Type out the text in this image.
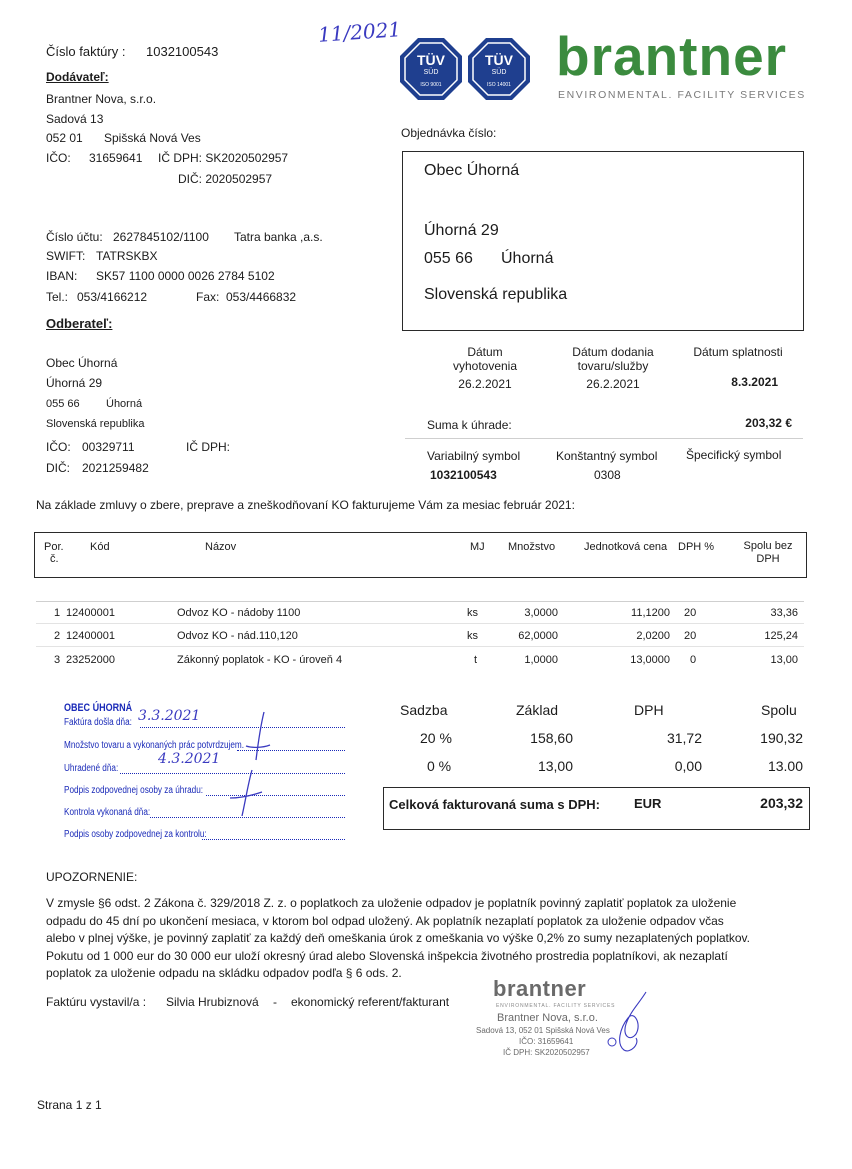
Číslo faktúry : 1032100543
11/2021
TÜV
SÜD
ISO 9001
TÜV
SÜD
ISO 14001 brantner
ENVIRONMENTAL. FACILITY SERVICES
Dodávateľ:
Brantner Nova, s.r.o.
Sadová 13
052 01 Spišská Nová Ves
IČO: 31659641 IČ DPH: SK2020502957
DIČ: 2020502957
Číslo účtu: 2627845102/1100 Tatra banka ,a.s.
SWIFT: TATRSKBX
IBAN: SK57 1100 0000 0026 2784 5102
Tel.: 053/4166212	Fax: 053/4466832
Objednávka číslo:
Obec Úhorná
Úhorná 29
055 66 Úhorná
Slovenská republika
Odberateľ:
Obec Úhorná
Úhorná 29
055 66 Úhorná
Slovenská republika
IČO: 00329711	IČ DPH:
DIČ: 2021259482
Dátum
vyhotovenia
26.2.2021
Dátum dodania
tovaru/služby
26.2.2021
Dátum splatnosti
8.3.2021
Suma k úhrade:	203,32 €
Variabilný symbol
1032100543
Konštantný symbol
0308
Špecifický symbol
Na základe zmluvy o zbere, preprave a zneškodňovaní KO fakturujeme Vám za mesiac február 2021:
Por.
č.
Kód	Názov	MJ Množstvo	Jednotková cena DPH %	Spolu bez
DPH
1 12400001	Odvoz KO - nádoby 1100	ks	3,0000	11,1200 20	33,36
2 12400001	Odvoz KO - nád.110,120	ks	62,0000	2,0200 20	125,24
3 23252000	Zákonný poplatok - KO - úroveň 4	t	1,0000	13,0000 0	13,00
OBEC ÚHORNÁ
Faktúra došla dňa: 3.3.2021
Množstvo tovaru a vykonaných prác potvrdzujem.
Uhradené dňa:
4.3.2021
Podpis zodpovednej osoby za úhradu:
Kontrola vykonaná dňa:
Podpis osoby zodpovednej za kontrolu:
Sadzba	Základ	DPH	Spolu
20 %	158,60	31,72	190,32
0 %	13,00	0,00	13.00
Celková fakturovaná suma s DPH:	EUR	203,32
UPOZORNENIE:
V zmysle §6 odst. 2 Zákona č. 329/2018 Z. z. o poplatkoch za uloženie odpadov je poplatník povinný zaplatiť poplatok za uloženie
odpadu do 45 dní po ukončení mesiaca, v ktorom bol odpad uložený. Ak poplatník nezaplatí poplatok za uloženie odpadov včas
alebo v plnej výške, je povinný zaplatiť za každý deň omeškania úrok z omeškania vo výške 0,2% zo sumy nezaplatených poplatkov.
Pokutu od 1 000 eur do 30 000 eur uloží okresný úrad alebo Slovenská inšpekcia životného prostredia poplatníkovi, ak nezaplatí
poplatok za uloženie odpadu na skládku odpadov podľa § 6 ods. 2.
Faktúru vystavil/a : Silvia Hrubiznová - ekonomický referent/fakturant
brantner
ENVIRONMENTAL. FACILITY SERVICES
Brantner Nova, s.r.o.
Sadová 13, 052 01 Spišská Nová Ves
IČO: 31659641
IČ DPH: SK2020502957
Strana 1 z 1
